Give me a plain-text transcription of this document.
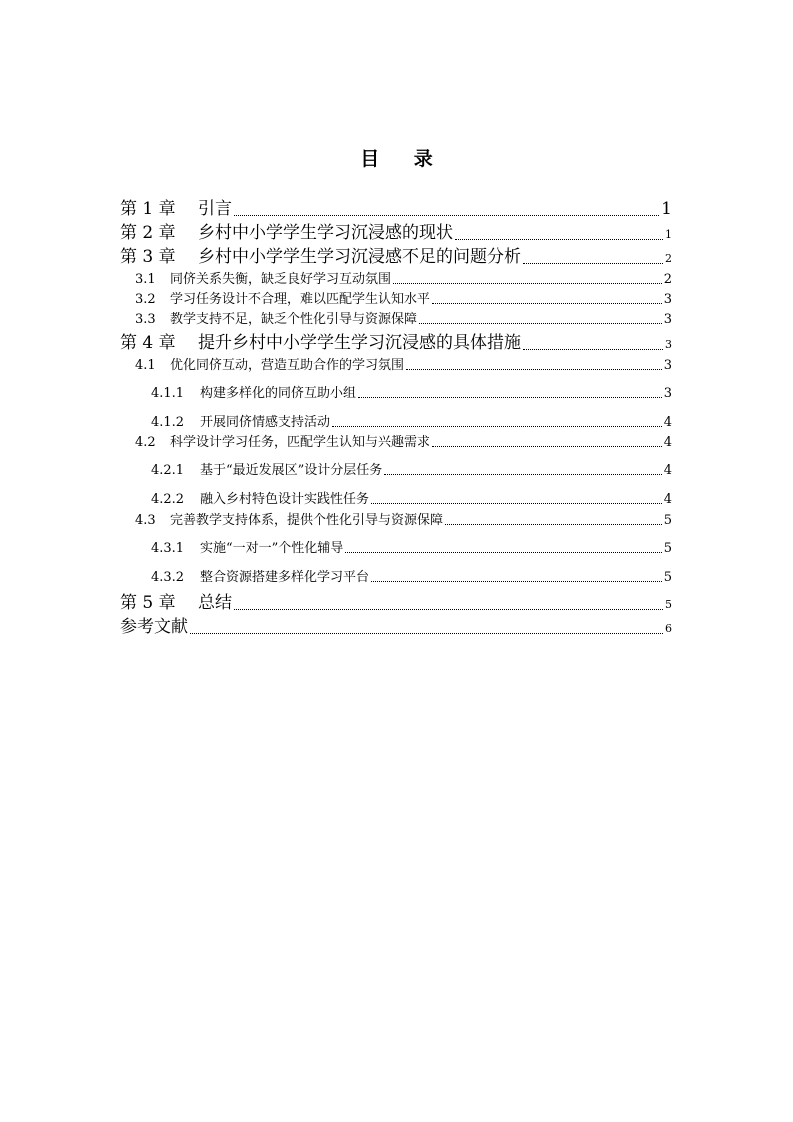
目 录
第 1 章	引言	1
第 2 章	乡村中小学学生学习沉浸感的现状	1
第 3 章	乡村中小学学生学习沉浸感不足的问题分析	2
3.1	同侪关系失衡，缺乏良好学习互动氛围	2
3.2	学习任务设计不合理，难以匹配学生认知水平	3
3.3	教学支持不足，缺乏个性化引导与资源保障	3
第 4 章	提升乡村中小学学生学习沉浸感的具体措施	3
4.1	优化同侪互动，营造互助合作的学习氛围	3
4.1.1	构建多样化的同侪互助小组	3
4.1.2	开展同侪情感支持活动	4
4.2	科学设计学习任务，匹配学生认知与兴趣需求	4
4.2.1	基于“最近发展区”设计分层任务	4
4.2.2	融入乡村特色设计实践性任务	4
4.3	完善教学支持体系，提供个性化引导与资源保障	5
4.3.1	实施“一对一”个性化辅导	5
4.3.2	整合资源搭建多样化学习平台	5
第 5 章	总结	5
参考文献	6
